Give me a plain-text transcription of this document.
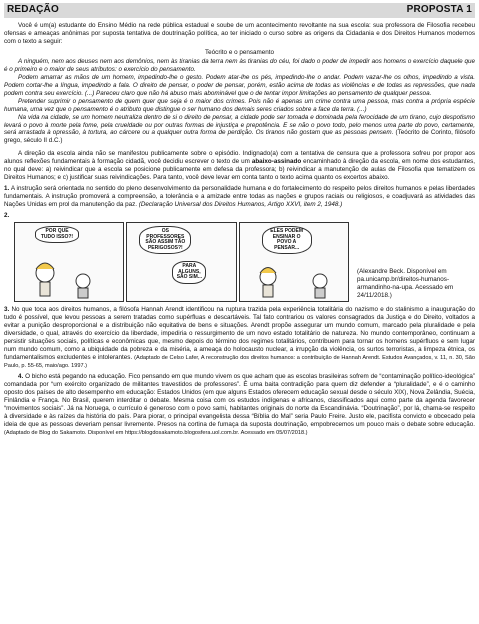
REDAÇÃO	PROPOSTA 1

Você é um(a) estudante do Ensino Médio na rede pública estadual e soube de um acontecimento revoltante na sua escola: sua professora de Filosofia recebeu ofensas e ameaças anônimas por suposta tentativa de doutrinação política, ao ter iniciado o curso sobre as origens da Cidadania e dos Direitos Humanos modernos com o texto a seguir:

Teócrito e o pensamento

A ninguém, nem aos deuses nem aos demônios, nem às tiranias da terra nem às tiranias do céu, foi dado o poder de impedir aos homens o exercício daquele que é o primeiro e o maior de seus atributos: o exercício do pensamento.

Podem amarrar as mãos de um homem, impedindo-lhe o gesto. Podem atar-lhe os pés, impedindo-lhe o andar. Podem vazar-lhe os olhos, impedindo a vista. Podem cortar-lhe a língua, impedindo a fala. O direito de pensar, o poder de pensar, porém, estão acima de todas as violências e de todas as repressões, que nada podem contra seu exercício. (...) Pareceu claro que não há abuso mais abominável que o de tentar impor limitações ao pensamento de qualquer pessoa.

Pretender suprimir o pensamento de quem quer que seja é o maior dos crimes. Pois não é apenas um crime contra uma pessoa, mas contra a própria espécie humana, uma vez que o pensamento é o atributo que distingue o ser humano dos demais seres criados sobre a face da terra. (...)

Na vida na cidade, se um homem neutraliza dentro de si o direito de pensar, a cidade pode ser tomada e dominada pela ferocidade de um tirano, cujo despotismo levará o povo à morte pela fome, pela crueldade ou por outras formas de injustiça e prepotência. E se não o povo todo, pelo menos uma parte do povo, certamente, será arrastada à opressão, à tortura, ao cárcere ou a qualquer outra forma de perdição. Os tiranos não gostam que as pessoas pensem. (Teócrito de Corinto, filósofo grego, século II d.C.)

A direção da escola ainda não se manifestou publicamente sobre o episódio. Indignado(a) com a tentativa de censura que a professora sofreu por propor aos alunos reflexões fundamentais à formação cidadã, você decidiu escrever o texto de um abaixo-assinado encaminhado à direção da escola, em nome dos estudantes, no qual deve: a) reivindicar que a escola se posicione publicamente em defesa da professora; b) reivindicar a manutenção de aulas de Filosofia que tematizem os Direitos Humanos; e c) justificar suas reivindicações. Para tanto, você deve levar em conta tanto o texto acima quanto os excertos abaixo.

1. A instrução será orientada no sentido do pleno desenvolvimento da personalidade humana e do fortalecimento do respeito pelos direitos humanos e pelas liberdades fundamentais. A instrução promoverá a compreensão, a tolerância e a amizade entre todas as nações e grupos raciais ou religiosos, e coadjuvará as atividades das Nações Unidas em prol da manutenção da paz. (Declaração Universal dos Direitos Humanos, Artigo XXVI, item 2, 1948.)

2.
POR QUE TUDO ISSO?!
OS PROFESSORES SÃO ASSIM TÃO PERIGOSOS?!
PARA ALGUNS, SÃO SIM...
ELES PODEM ENSINAR O POVO A PENSAR...
(Alexandre Beck. Disponível em pa.unicamp.br/direitos-humanos-armandinho-na-upa. Acessado em 24/11/2018.)

3. No que toca aos direitos humanos, a filósofa Hannah Arendt identificou na ruptura trazida pela experiência totalitária do nazismo e do stalinismo a inauguração do tudo é possível, que levou pessoas a serem tratadas como supérfluas e descartáveis. Tal fato contrariou os valores consagrados da Justiça e do Direito, voltados a evitar a punição desproporcional e a distribuição não equitativa de bens e situações. Arendt propõe assegurar um mundo comum, marcado pela pluralidade e pela diversidade, o qual, através do exercício da liberdade, impediria o ressurgimento de um novo estado totalitário de natureza. No mundo contemporâneo, continuam a persistir situações sociais, políticas e econômicas que, mesmo depois do término dos regimes totalitários, contribuem para tornar os homens supérfluos e sem lugar num mundo comum, como a ubiquidade da pobreza e da miséria, a ameaça do holocausto nuclear, a irrupção da violência, os surtos terroristas, a limpeza étnica, os fundamentalismos excludentes e intolerantes. (Adaptado de Celso Lafer, A reconstrução dos direitos humanos: a contribuição de Hannah Arendt. Estudos Avançados, v. 11, n. 30, São Paulo, p. 55-65, maio/ago. 1997.)

4. O bicho está pegando na educação. Fico pensando em que mundo vivem os que acham que as escolas brasileiras sofrem de “contaminação político-ideológica” comandada por “um exército organizado de militantes travestidos de professores”. É uma baita contradição para quem diz defender a “pluralidade”, e é o caminho oposto dos países de alto desempenho em educação: Estados Unidos (em que alguns Estados oferecem educação sexual desde o século XIX), Nova Zelândia, Suécia, Finlândia e França. No Brasil, querem interditar o debate. Mesma coisa com os estudos indígenas e africanos, classificados aqui como parte da agenda favorecer “movimentos sociais”. Já na Noruega, o currículo é generoso com o povo sami, habitantes originais do norte da Escandinávia. “Doutrinação”, por lá, chama-se respeito à diversidade e às raízes da história do país. Para piorar, o principal evangelista dessa “Bíblia do Mal” seria Paulo Freire. Justo ele, pacifista convicto e obcecado pela ideia de que as pessoas deveriam pensar livremente. Presos na cortina de fumaça da suposta doutrinação, empobrecemos um pouco mais o debate sobre educação. (Adaptado de Blog do Sakamoto. Disponível em https://blogdosakamoto.blogosfera.uol.com.br. Acessado em 05/07/2018.)
